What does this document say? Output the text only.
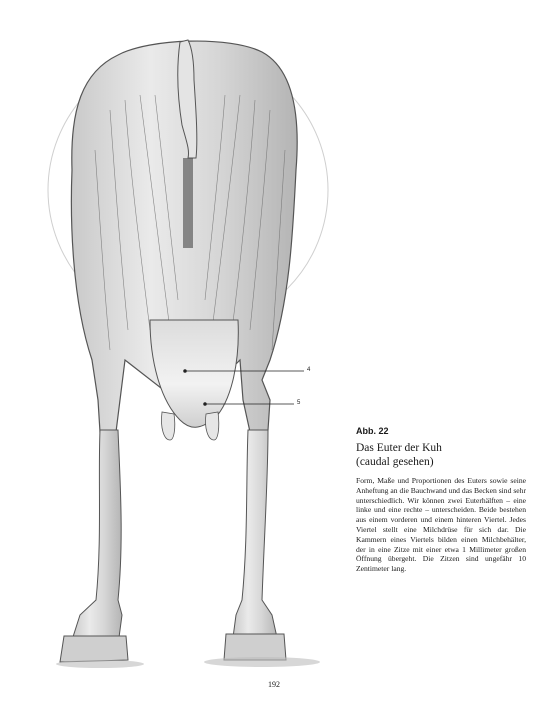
4
5

Abb. 22

Das Euter der Kuh
(caudal gesehen)

Form, Maße und Proportionen des Euters sowie seine Anheftung an die Bauchwand und das Becken sind sehr unterschiedlich. Wir können zwei Euterhälften – eine linke und eine rechte – unterscheiden. Beide bestehen aus einem vorderen und einem hinteren Viertel. Jedes Viertel stellt eine Milchdrüse für sich dar. Die Kammern eines Viertels bilden einen Milchbehälter, der in eine Zitze mit einer etwa 1 Millimeter großen Öffnung übergeht. Die Zitzen sind ungefähr 10 Zentimeter lang.

192
